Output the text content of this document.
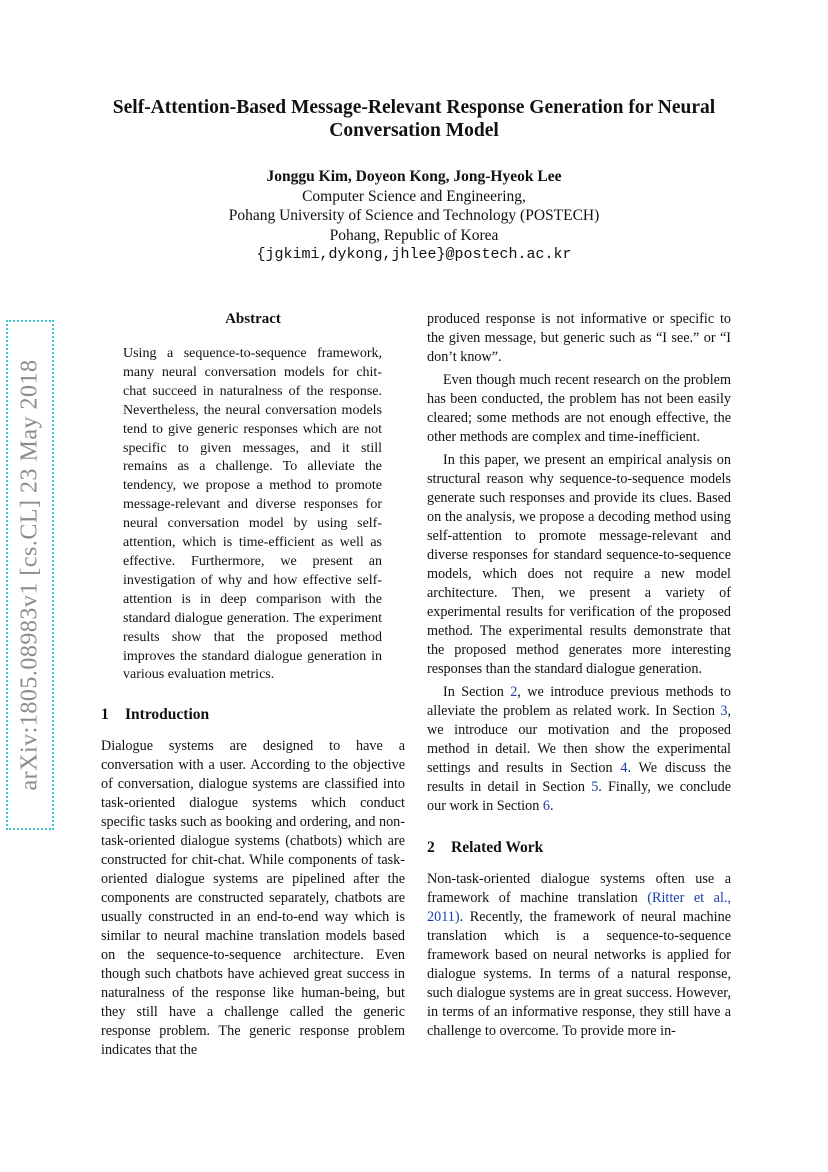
arXiv:1805.08983v1 [cs.CL] 23 May 2018
Self-Attention-Based Message-Relevant Response Generation for Neural Conversation Model
Jonggu Kim, Doyeon Kong, Jong-Hyeok Lee
Computer Science and Engineering,
Pohang University of Science and Technology (POSTECH)
Pohang, Republic of Korea
{jgkimi,dykong,jhlee}@postech.ac.kr
Abstract

Using a sequence-to-sequence framework, many neural conversation models for chit-chat succeed in naturalness of the response. Nevertheless, the neural conversation models tend to give generic responses which are not specific to given messages, and it still remains as a challenge. To alleviate the tendency, we propose a method to promote message-relevant and diverse responses for neural conversation model by using self-attention, which is time-efficient as well as effective. Furthermore, we present an investigation of why and how effective self-attention is in deep comparison with the standard dialogue generation. The experiment results show that the proposed method improves the standard dialogue generation in various evaluation metrics.

1 Introduction

Dialogue systems are designed to have a conversation with a user. According to the objective of conversation, dialogue systems are classified into task-oriented dialogue systems which conduct specific tasks such as booking and ordering, and non-task-oriented dialogue systems (chatbots) which are constructed for chit-chat. While components of task-oriented dialogue systems are pipelined after the components are constructed separately, chatbots are usually constructed in an end-to-end way which is similar to neural machine translation models based on the sequence-to-sequence architecture. Even though such chatbots have achieved great success in naturalness of the response like human-being, but they still have a challenge called the generic response problem. The generic response problem indicates that the

produced response is not informative or specific to the given message, but generic such as “I see.” or “I don’t know”.

Even though much recent research on the problem has been conducted, the problem has not been easily cleared; some methods are not enough effective, the other methods are complex and time-inefficient.

In this paper, we present an empirical analysis on structural reason why sequence-to-sequence models generate such responses and provide its clues. Based on the analysis, we propose a decoding method using self-attention to promote message-relevant and diverse responses for standard sequence-to-sequence models, which does not require a new model architecture. Then, we present a variety of experimental results for verification of the proposed method. The experimental results demonstrate that the proposed method generates more interesting responses than the standard dialogue generation.

In Section 2, we introduce previous methods to alleviate the problem as related work. In Section 3, we introduce our motivation and the proposed method in detail. We then show the experimental settings and results in Section 4. We discuss the results in detail in Section 5. Finally, we conclude our work in Section 6.

2 Related Work

Non-task-oriented dialogue systems often use a framework of machine translation (Ritter et al., 2011). Recently, the framework of neural machine translation which is a sequence-to-sequence framework based on neural networks is applied for dialogue systems. In terms of a natural response, such dialogue systems are in great success. However, in terms of an informative response, they still have a challenge to overcome. To provide more in-
